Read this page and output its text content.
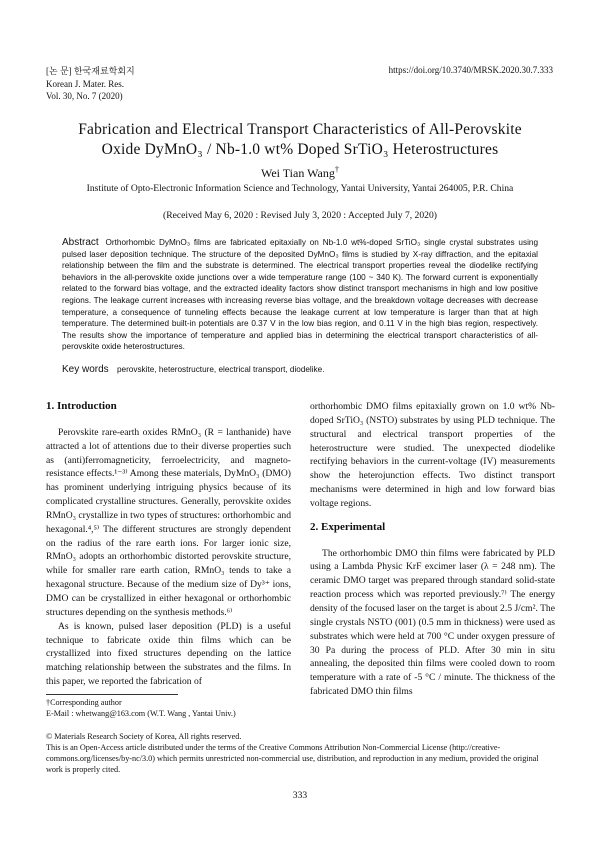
[논 문] 한국재료학회지
Korean J. Mater. Res.
Vol. 30, No. 7 (2020)
https://doi.org/10.3740/MRSK.2020.30.7.333
Fabrication and Electrical Transport Characteristics of All-Perovskite
Oxide DyMnO₃ / Nb-1.0 wt% Doped SrTiO₃ Heterostructures
Wei Tian Wang†
Institute of Opto-Electronic Information Science and Technology, Yantai University, Yantai 264005, P.R. China
(Received May 6, 2020 : Revised July 3, 2020 : Accepted July 7, 2020)
Abstract Orthorhombic DyMnO₃ films are fabricated epitaxially on Nb-1.0 wt%-doped SrTiO₃ single crystal substrates using pulsed laser deposition technique. The structure of the deposited DyMnO₃ films is studied by X-ray diffraction, and the epitaxial relationship between the film and the substrate is determined. The electrical transport properties reveal the diodelike rectifying behaviors in the all-perovskite oxide junctions over a wide temperature range (100 ~ 340 K). The forward current is exponentially related to the forward bias voltage, and the extracted ideality factors show distinct transport mechanisms in high and low positive regions. The leakage current increases with increasing reverse bias voltage, and the breakdown voltage decreases with decrease temperature, a consequence of tunneling effects because the leakage current at low temperature is larger than that at high temperature. The determined built-in potentials are 0.37 V in the low bias region, and 0.11 V in the high bias region, respectively. The results show the importance of temperature and applied bias in determining the electrical transport characteristics of all-perovskite oxide heterostructures.
Key words perovskite, heterostructure, electrical transport, diodelike.
1. Introduction

Perovskite rare-earth oxides RMnO₃ (R = lanthanide) have attracted a lot of attentions due to their diverse properties such as (anti)ferromagneticity, ferroelectricity, and magneto- resistance effects.¹⁻³⁾ Among these materials, DyMnO₃ (DMO) has prominent underlying intriguing physics because of its complicated crystalline structures. Generally, perovskite oxides RMnO₃ crystallize in two types of structures: orthorhombic and hexagonal.⁴,⁵⁾ The different structures are strongly dependent on the radius of the rare earth ions. For larger ionic size, RMnO₃ adopts an orthorhombic distorted perovskite structure, while for smaller rare earth cation, RMnO₃ tends to take a hexagonal structure. Because of the medium size of Dy³⁺ ions, DMO can be crystallized in either hexagonal or orthorhombic structures depending on the synthesis methods.⁶⁾

As is known, pulsed laser deposition (PLD) is a useful technique to fabricate oxide thin films which can be crystallized into fixed structures depending on the lattice matching relationship between the substrates and the films. In this paper, we reported the fabrication of

orthorhombic DMO films epitaxially grown on 1.0 wt% Nb-doped SrTiO₃ (NSTO) substrates by using PLD technique. The structural and electrical transport properties of the heterostructure were studied. The unexpected diodelike rectifying behaviors in the current-voltage (IV) measurements show the heterojunction effects. Two distinct transport mechanisms were determined in high and low forward bias voltage regions.

2. Experimental

The orthorhombic DMO thin films were fabricated by PLD using a Lambda Physic KrF excimer laser (λ = 248 nm). The ceramic DMO target was prepared through standard solid-state reaction process which was reported previously.⁷⁾ The energy density of the focused laser on the target is about 2.5 J/cm². The single crystals NSTO (001) (0.5 mm in thickness) were used as substrates which were held at 700 °C under oxygen pressure of 30 Pa during the process of PLD. After 30 min in situ annealing, the deposited thin films were cooled down to room temperature with a rate of -5 °C / minute. The thickness of the fabricated DMO thin films

†Corresponding author
E-Mail : whetwang@163.com (W.T. Wang , Yantai Univ.)
© Materials Research Society of Korea, All rights reserved.
This is an Open-Access article distributed under the terms of the Creative Commons Attribution Non-Commercial License (http://creative-commons.org/licenses/by-nc/3.0) which permits unrestricted non-commercial use, distribution, and reproduction in any medium, provided the original work is properly cited.
333
